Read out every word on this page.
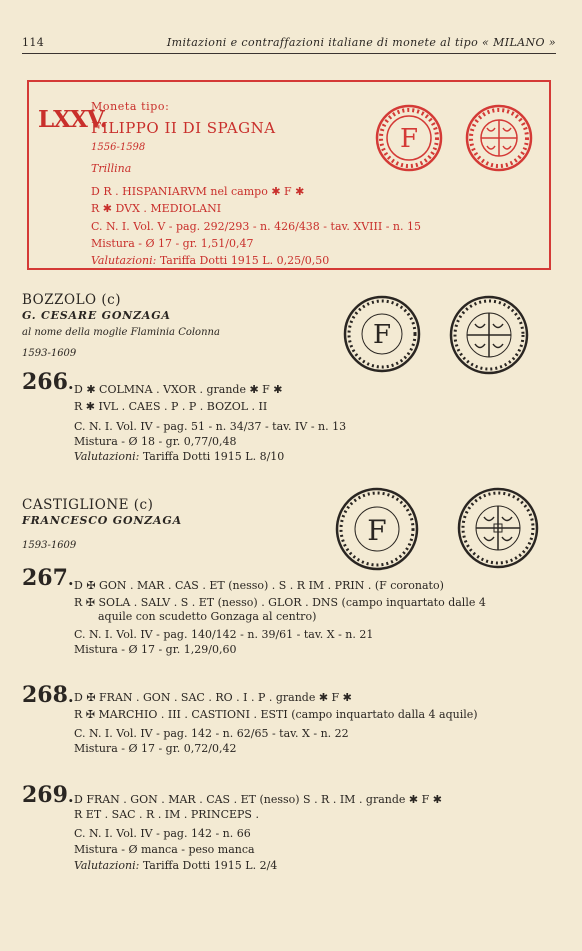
114	Imitazioni e contraffazioni italiane di monete al tipo « MILANO »
LXXV.
Moneta tipo:
FILIPPO II DI SPAGNA
1556-1598
Trillina
D R . HISPANIARVM nel campo ✱ F ✱
R ✱ DVX . MEDIOLANI
C. N. I. Vol. V - pag. 292/293 - n. 426/438 - tav. XVIII - n. 15
Mistura - Ø 17 - gr. 1,51/0,47
Valutazioni: Tariffa Dotti 1915 L. 0,25/0,50
F
BOZZOLO (c)
G. CESARE GONZAGA
al nome della moglie Flaminia Colonna
1593-1609
F
266. D ✱ COLMNA . VXOR . grande ✱ F ✱
R ✱ IVL . CAES . P . P . BOZOL . II
C. N. I. Vol. IV - pag. 51 - n. 34/37 - tav. IV - n. 13
Mistura - Ø 18 - gr. 0,77/0,48
Valutazioni: Tariffa Dotti 1915 L. 8/10
CASTIGLIONE (c)
FRANCESCO GONZAGA
1593-1609	F
267. D ✠ GON . MAR . CAS . ET (nesso) . S . R IM . PRIN . (F coronato)
R ✠ SOLA . SALV . S . ET (nesso) . GLOR . DNS (campo inquartato dalle 4
aquile con scudetto Gonzaga al centro)
C. N. I. Vol. IV - pag. 140/142 - n. 39/61 - tav. X - n. 21
Mistura - Ø 17 - gr. 1,29/0,60
268. D ✠ FRAN . GON . SAC . RO . I . P . grande ✱ F ✱
R ✠ MARCHIO . III . CASTIONI . ESTI (campo inquartato dalla 4 aquile)
C. N. I. Vol. IV - pag. 142 - n. 62/65 - tav. X - n. 22
Mistura - Ø 17 - gr. 0,72/0,42
269. D FRAN . GON . MAR . CAS . ET (nesso) S . R . IM . grande ✱ F ✱
R ET . SAC . R . IM . PRINCEPS .
C. N. I. Vol. IV - pag. 142 - n. 66
Mistura - Ø manca - peso manca
Valutazioni: Tariffa Dotti 1915 L. 2/4
